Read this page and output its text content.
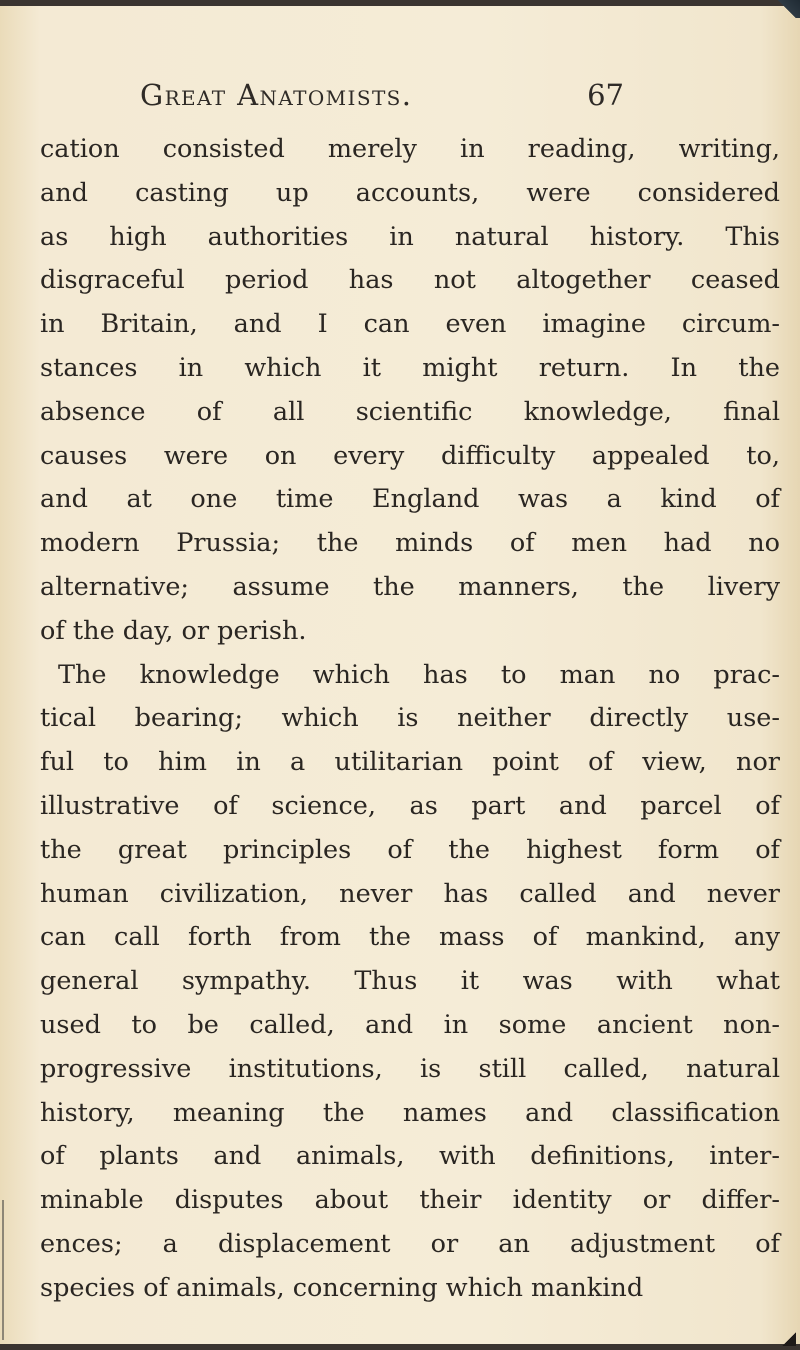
Great Anatomists.	67
cation consisted merely in reading, writing,
and casting up accounts, were considered
as high authorities in natural history. This
disgraceful period has not altogether ceased
in Britain, and I can even imagine circum-
stances in which it might return. In the
absence of all scientific knowledge, final
causes were on every difficulty appealed to,
and at one time England was a kind of
modern Prussia; the minds of men had no
alternative; assume the manners, the livery
of the day, or perish.
The knowledge which has to man no prac-
tical bearing; which is neither directly use-
ful to him in a utilitarian point of view, nor
illustrative of science, as part and parcel of
the great principles of the highest form of
human civilization, never has called and never
can call forth from the mass of mankind, any
general sympathy. Thus it was with what
used to be called, and in some ancient non-
progressive institutions, is still called, natural
history, meaning the names and classification
of plants and animals, with definitions, inter-
minable disputes about their identity or differ-
ences; a displacement or an adjustment of
species of animals, concerning which mankind
